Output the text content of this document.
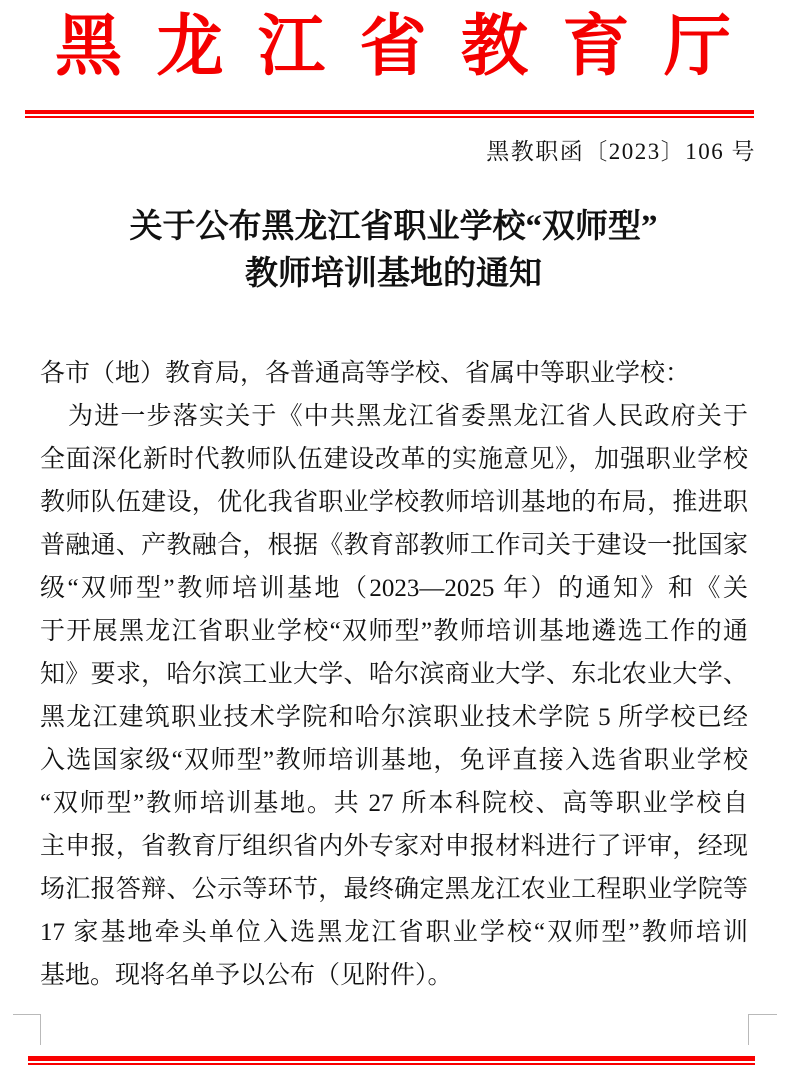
黑 龙 江 省 教 育 厅
黑教职函〔2023〕106 号
关于公布黑龙江省职业学校“双师型”
教师培训基地的通知
各市（地）教育局，各普通高等学校、省属中等职业学校：
为进一步落实关于《中共黑龙江省委黑龙江省人民政府关于
全面深化新时代教师队伍建设改革的实施意见》，加强职业学校
教师队伍建设，优化我省职业学校教师培训基地的布局，推进职
普融通、产教融合，根据《教育部教师工作司关于建设一批国家
级“双师型”教师培训基地（2023—2025 年）的通知》和《关
于开展黑龙江省职业学校“双师型”教师培训基地遴选工作的通
知》要求，哈尔滨工业大学、哈尔滨商业大学、东北农业大学、
黑龙江建筑职业技术学院和哈尔滨职业技术学院 5 所学校已经
入选国家级“双师型”教师培训基地，免评直接入选省职业学校
“双师型”教师培训基地。共 27 所本科院校、高等职业学校自
主申报，省教育厅组织省内外专家对申报材料进行了评审，经现
场汇报答辩、公示等环节，最终确定黑龙江农业工程职业学院等
17 家基地牵头单位入选黑龙江省职业学校“双师型”教师培训
基地。现将名单予以公布（见附件）。
